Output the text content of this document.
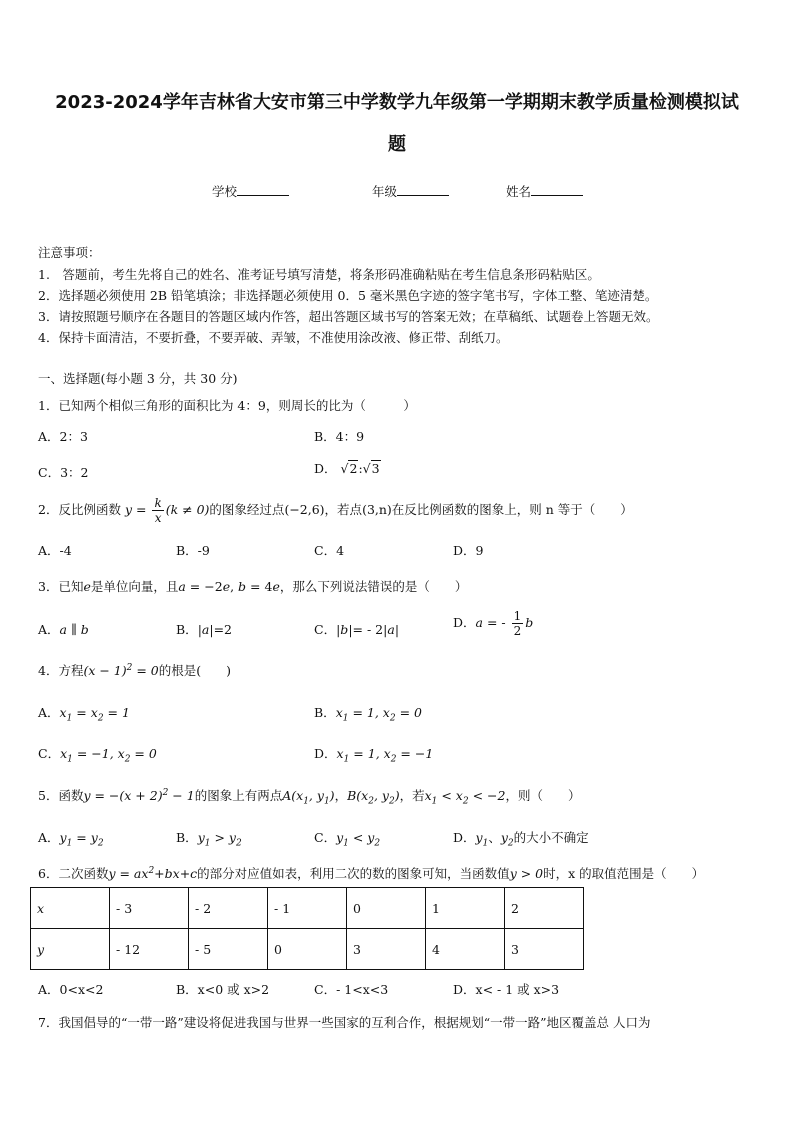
2023-2024学年吉林省大安市第三中学数学九年级第一学期期末教学质量检测模拟试
题
学校	年级	姓名
注意事项：
1.　答题前，考生先将自己的姓名、准考证号填写清楚，将条形码准确粘贴在考生信息条形码粘贴区。
2．选择题必须使用 2B 铅笔填涂；非选择题必须使用 0．5 毫米黑色字迹的签字笔书写，字体工整、笔迹清楚。
3．请按照题号顺序在各题目的答题区域内作答，超出答题区域书写的答案无效；在草稿纸、试题卷上答题无效。
4．保持卡面清洁，不要折叠，不要弄破、弄皱，不准使用涂改液、修正带、刮纸刀。
一、选择题(每小题 3 分，共 30 分)
1．已知两个相似三角形的面积比为 4：9，则周长的比为（　　　）
A．2：3	B．4：9
C．3：2	D． √2:√3
2．反比例函数 $y = \frac{k}{x} (k \ne 0)$的图象经过点(−2,6)，若点(3,n)在反比例函数的图象上，则 n 等于（　　）
A．-4	B．-9	C．4	D．9
3．已知e是单位向量，且a = −2e, b = 4e，那么下列说法错误的是（　　）
A．a ∥ b	B．|a|=2	C．|b|= - 2|a|	D．a = - $\frac{1}{2}$ b
4．方程$(x - 1)^2 = 0$的根是(　　)
A．$x_1 = x_2 = 1$	B．$x_1 = 1$, $x_2 = 0$
C．$x_1 = -1$, $x_2 = 0$	D．$x_1 = 1$, $x_2 = -1$
5．函数$y = -(x + 2)^2 - 1$的图象上有两点$A(x_1$, $y_1$)，$B(x_2$, $y_2$)，若$x_1 < x_2 < -2$，则（　　）
A．$y_1 = y_2$	B．$y_1 > y_2$	C．$y_1 < y_2$	D．$y_1$、$y_2$的大小不确定
6．二次函数$y = ax^2+bx+c$的部分对应值如表，利用二次的数的图象可知，当函数值y > 0时，x 的取值范围是（　　）
x	- 3	- 2	- 1	0	1	2
y	- 12	- 5	0	3	4	3
A．0<x<2	B．x<0 或 x>2	C．- 1<x<3	D．x< - 1 或 x>3
7．我国倡导的“一带一路”建设将促进我国与世界一些国家的互利合作，根据规划“一带一路”地区覆盖总 人口为
